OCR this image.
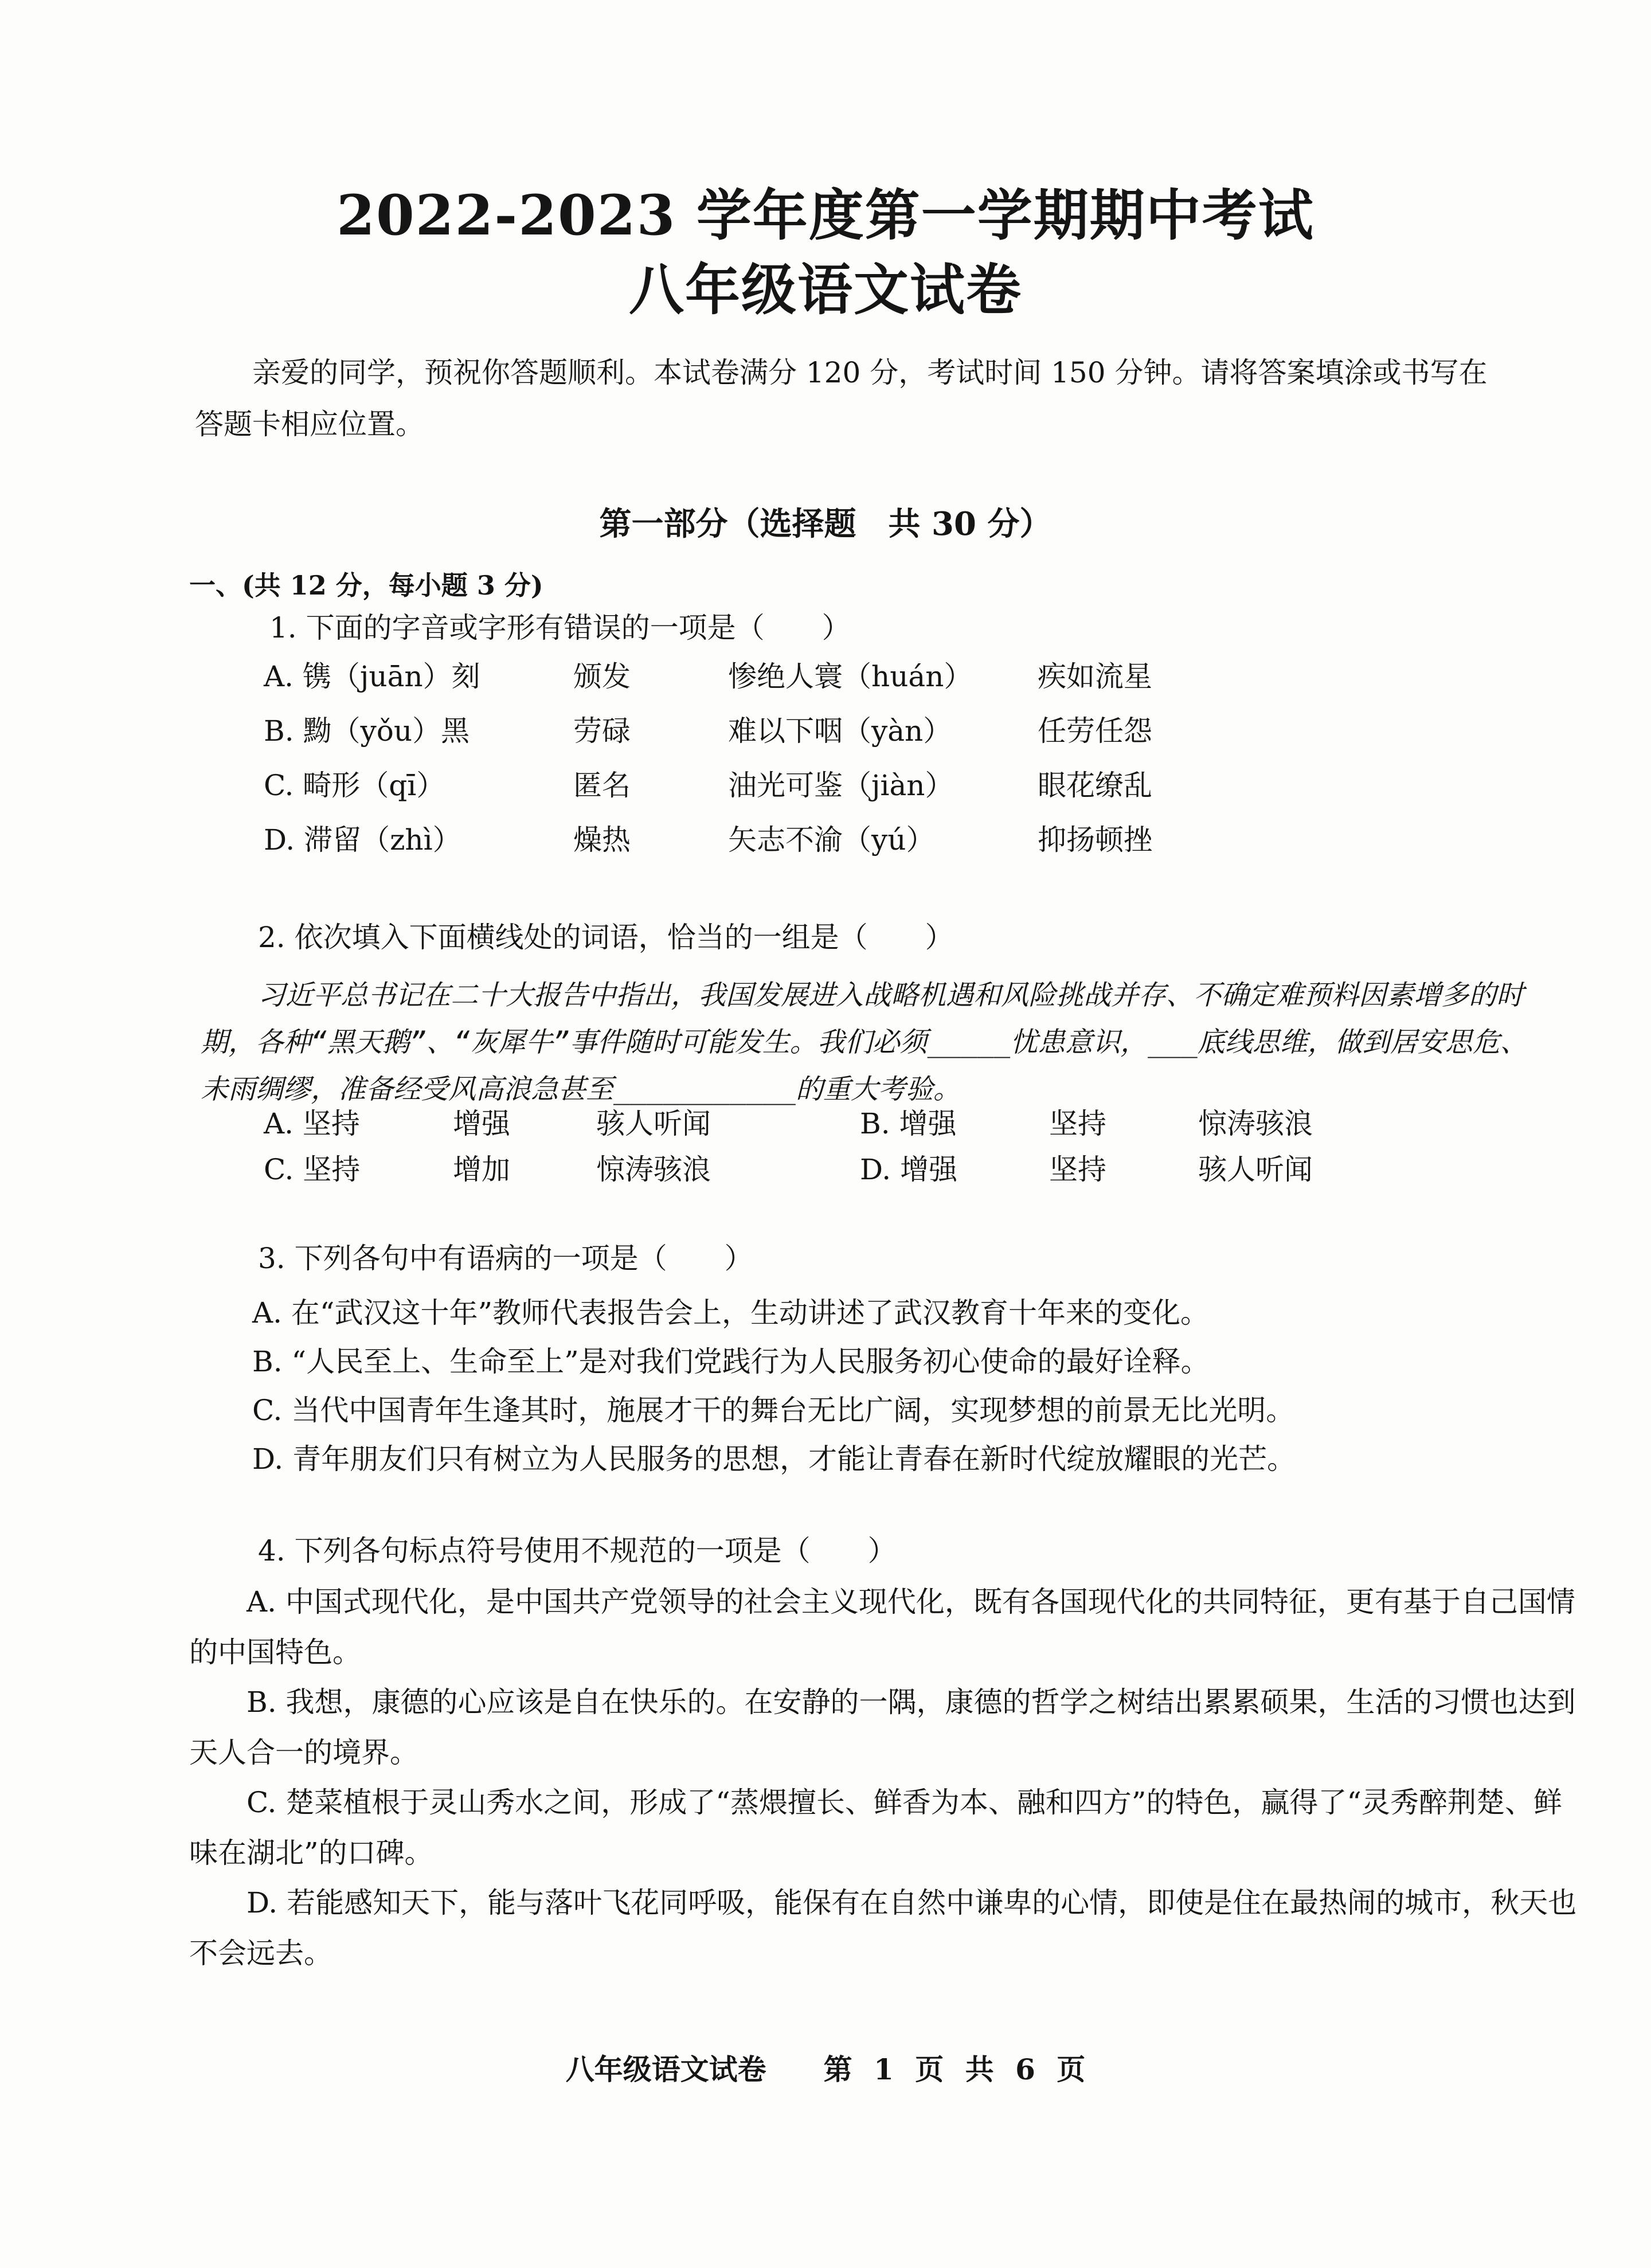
2022-2023 学年度第一学期期中考试
八年级语文试卷
亲爱的同学，预祝你答题顺利。本试卷满分 120 分，考试时间 150 分钟。请将答案填涂或书写在答题卡相应位置。
第一部分（选择题　共 30 分）
一、(共 12 分，每小题 3 分)
1. 下面的字音或字形有错误的一项是（　　）
A. 镌（juān）刻	颁发	惨绝人寰（huán） 疾如流星
B. 黝（yǒu）黑	劳碌	难以下咽（yàn）	任劳任怨
C. 畸形（qī）	匿名	油光可鉴（jiàn）	眼花缭乱
D. 滞留（zhì）	燥热	矢志不渝（yú）	抑扬顿挫
2. 依次填入下面横线处的词语，恰当的一组是（　　）
习近平总书记在二十大报告中指出，我国发展进入战略机遇和风险挑战并存、不确定难预料因素增多的时期，各种“黑天鹅”、“灰犀牛”事件随时可能发生。我们必须_____忧患意识，___底线思维，做到居安思危、未雨绸缪，准备经受风高浪急甚至___________的重大考验。
A. 坚持	增强	骇人听闻	B. 增强	坚持	惊涛骇浪
C. 坚持	增加	惊涛骇浪	D. 增强	坚持	骇人听闻
3. 下列各句中有语病的一项是（　　）
A. 在“武汉这十年”教师代表报告会上，生动讲述了武汉教育十年来的变化。
B. “人民至上、生命至上”是对我们党践行为人民服务初心使命的最好诠释。
C. 当代中国青年生逢其时，施展才干的舞台无比广阔，实现梦想的前景无比光明。
D. 青年朋友们只有树立为人民服务的思想，才能让青春在新时代绽放耀眼的光芒。
4. 下列各句标点符号使用不规范的一项是（　　）
A. 中国式现代化，是中国共产党领导的社会主义现代化，既有各国现代化的共同特征，更有基于自己国情的中国特色。
B. 我想，康德的心应该是自在快乐的。在安静的一隅，康德的哲学之树结出累累硕果，生活的习惯也达到天人合一的境界。
C. 楚菜植根于灵山秀水之间，形成了“蒸煨擅长、鲜香为本、融和四方”的特色，赢得了“灵秀醉荆楚、鲜味在湖北”的口碑。
D. 若能感知天下，能与落叶飞花同呼吸，能保有在自然中谦卑的心情，即使是住在最热闹的城市，秋天也不会远去。
八年级语文试卷　　第 1 页 共 6 页
